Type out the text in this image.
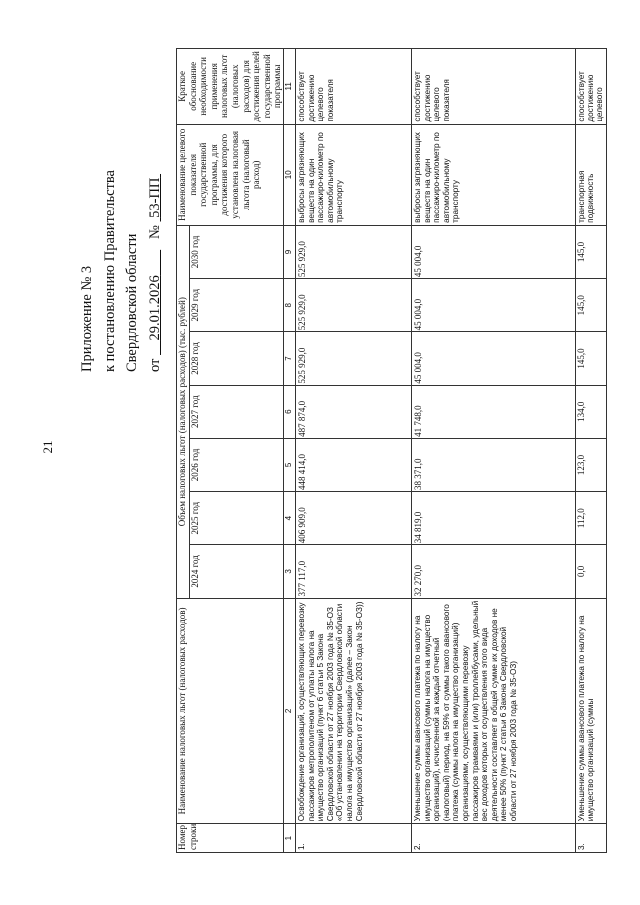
21
Приложение № 3 к постановлению Правительства Свердловской области от     29.01.2026          №  53-ПП
Номер строки	Наименование налоговых льгот (налоговых расходов)	Объем налоговых льгот (налоговых расходов) (тыс. рублей)							Наименование целевого показателя государственной программы, для достижения которого установлена налоговая льгота (налоговый расход)	Краткое обоснование необходимости применения налоговых льгот (налоговых расходов) для достижения целей государственной программы
		2024 год	2025 год	2026 год	2027 год	2028 год	2029 год	2030 год		
1	2	3	4	5	6	7	8	9	10	11
1.	Освобождение организаций, осуществляющих перевозку пассажиров метрополитеном от уплаты налога на имущество организаций (пункт 6 статьи 5 Закона Свердловской области от 27 ноября 2003 года № 35-ОЗ «Об установлении на территории Свердловской области налога на имущество организаций» (далее – Закон Свердловской области от 27 ноября 2003 года № 35-ОЗ))	377 117,0	406 909,0	448 414,0	487 874,0	525 929,0	525 929,0	525 929,0	выбросы загрязняющих веществ на один пассажиро-километр по автомобильному транспорту	способствует достижению целевого показателя
2.	Уменьшение суммы авансового платежа по налогу на имущество организаций (суммы налога на имущество организаций), исчисленной за каждый отчетный (налоговый) период, на 59% от суммы такого авансового платежа (суммы налога на имущество организаций) организациями, осуществляющими перевозку пассажиров трамваями и (или) троллейбусами, удельный вес доходов которых от осуществления этого вида деятельности составляет в общей сумме их доходов не менее 50% (пункт 2 статьи 6 Закона Свердловской области от 27 ноября 2003 года № 35-ОЗ)	32 270,0	34 819,0	38 371,0	41 748,0	45 004,0	45 004,0	45 004,0	выбросы загрязняющих веществ на один пассажиро-километр по автомобильному транспорту	способствует достижению целевого показателя
3.	Уменьшение суммы авансового платежа по налогу на имущество организаций (суммы	0,0	112,0	123,0	134,0	145,0	145,0	145,0	транспортная подвижность	способствует достижению целевого
